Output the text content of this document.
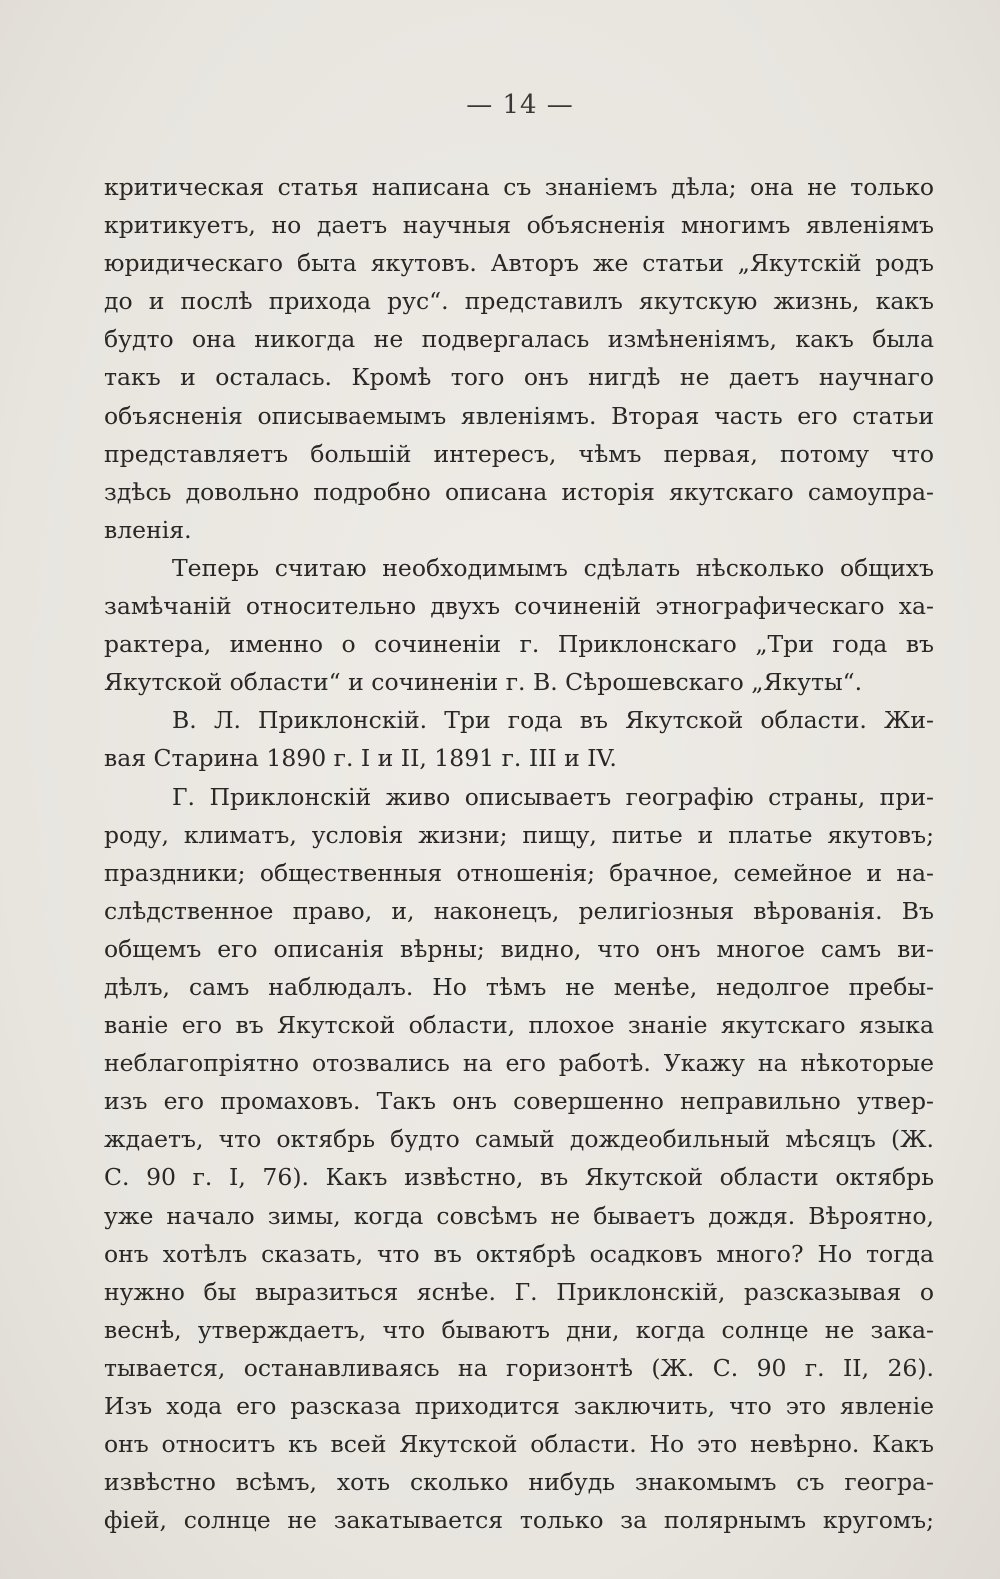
— 14 —
критическая статья написана съ знаніемъ дѣла; она не только
критикуетъ, но даетъ научныя объясненія многимъ явленіямъ
юридическаго быта якутовъ. Авторъ же статьи „Якутскій родъ
до и послѣ прихода рус“. представилъ якутскую жизнь, какъ
будто она никогда не подвергалась измѣненіямъ, какъ была
такъ и осталась. Кромѣ того онъ нигдѣ не даетъ научнаго
объясненія описываемымъ явленіямъ. Вторая часть его статьи
представляетъ большій интересъ, чѣмъ первая, потому что
здѣсь довольно подробно описана исторія якутскаго самоупра-
вленія.
Теперь считаю необходимымъ сдѣлать нѣсколько общихъ
замѣчаній относительно двухъ сочиненій этнографическаго ха-
рактера, именно о сочиненіи г. Приклонскаго „Три года въ
Якутской области“ и сочиненіи г. В. Сѣрошевскаго „Якуты“.
В. Л. Приклонскій. Три года въ Якутской области. Жи-
вая Старина 1890 г. I и II, 1891 г. III и IV.
Г. Приклонскій живо описываетъ географію страны, при-
роду, климатъ, условія жизни; пищу, питье и платье якутовъ;
праздники; общественныя отношенія; брачное, семейное и на-
слѣдственное право, и, наконецъ, религіозныя вѣрованія. Въ
общемъ его описанія вѣрны; видно, что онъ многое самъ ви-
дѣлъ, самъ наблюдалъ. Но тѣмъ не менѣе, недолгое пребы-
ваніе его въ Якутской области, плохое знаніе якутскаго языка
неблагопріятно отозвались на его работѣ. Укажу на нѣкоторые
изъ его промаховъ. Такъ онъ совершенно неправильно утвер-
ждаетъ, что октябрь будто самый дождеобильный мѣсяцъ (Ж.
С. 90 г. I, 76). Какъ извѣстно, въ Якутской области октябрь
уже начало зимы, когда совсѣмъ не бываетъ дождя. Вѣроятно,
онъ хотѣлъ сказать, что въ октябрѣ осадковъ много? Но тогда
нужно бы выразиться яснѣе. Г. Приклонскій, разсказывая о
веснѣ, утверждаетъ, что бываютъ дни, когда солнце не зака-
тывается, останавливаясь на горизонтѣ (Ж. С. 90 г. II, 26).
Изъ хода его разсказа приходится заключить, что это явленіе
онъ относитъ къ всей Якутской области. Но это невѣрно. Какъ
извѣстно всѣмъ, хоть сколько нибудь знакомымъ съ геогра-
фіей, солнце не закатывается только за полярнымъ кругомъ;
